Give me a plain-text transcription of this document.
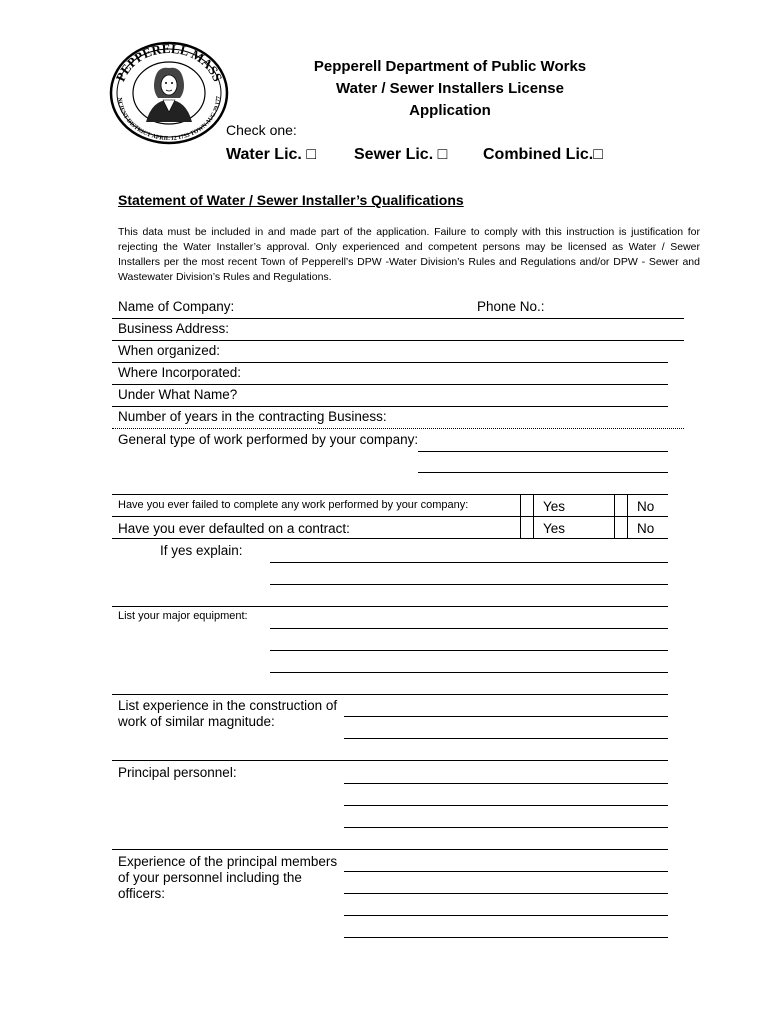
PEPPERELL MASS
NCIENT DISTRICT APRIL 12 1753 TOWN AUG 29 177
Pepperell Department of Public Works
Water / Sewer Installers License
Application
Check one:
Water Lic. □ Sewer Lic. □ Combined Lic.□
Statement of Water / Sewer Installer’s Qualifications
This data must be included in and made part of the application. Failure to comply with this instruction is justification for rejecting the Water Installer’s approval. Only experienced and competent persons may be licensed as Water / Sewer Installers per the most recent Town of Pepperell’s DPW -Water Division’s Rules and Regulations and/or DPW - Sewer and Wastewater Division’s Rules and Regulations.
Name of Company:	Phone No.:
Business Address:
When organized:
Where Incorporated:
Under What Name?
Number of years in the contracting Business:
General type of work performed by your company:
Have you ever failed to complete any work performed by your company:	Yes	No
Have you ever defaulted on a contract:	Yes	No
If yes explain:
List your major equipment:
List experience in the construction of work of similar magnitude:
Principal personnel:
Experience of the principal members of your personnel including the officers:
